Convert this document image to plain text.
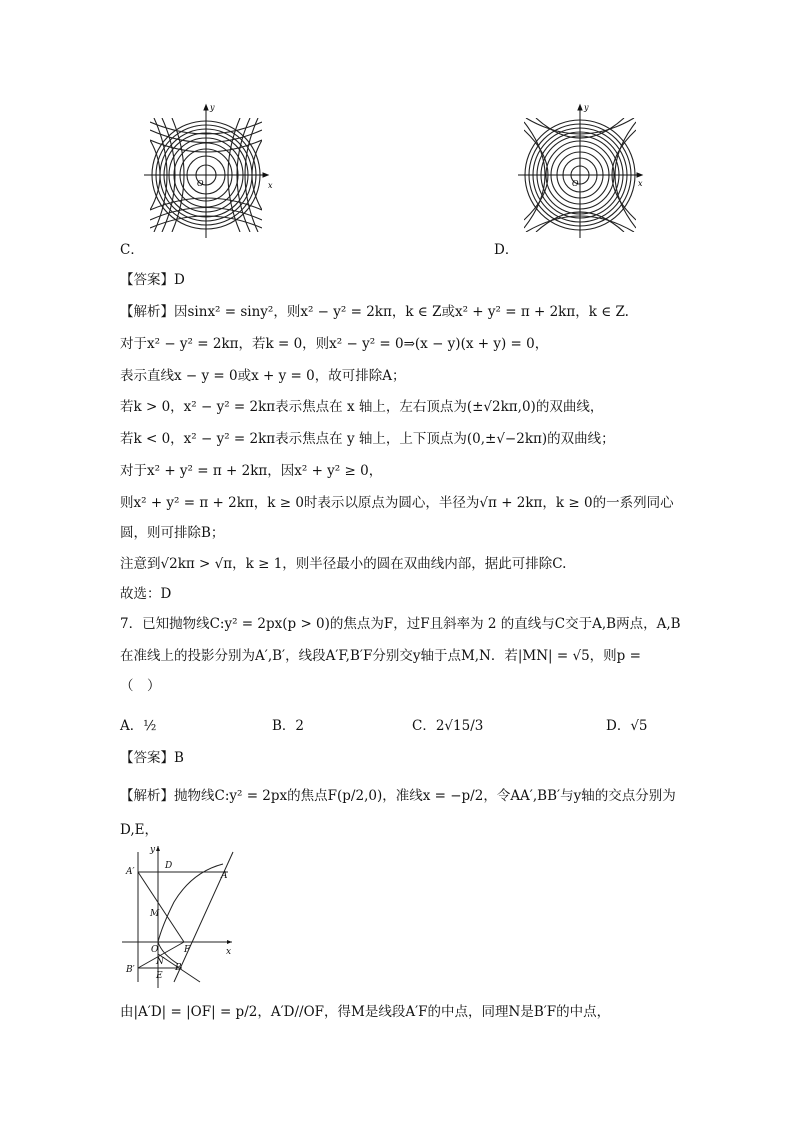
x
y
O
C．
x
y
O
D．
【答案】D
【解析】因sinx² = siny²，则x² − y² = 2kπ，k ∈ Z或x² + y² = π + 2kπ，k ∈ Z.
对于x² − y² = 2kπ，若k = 0，则x² − y² = 0⇒(x − y)(x + y) = 0，
表示直线x − y = 0或x + y = 0，故可排除A；
若k > 0，x² − y² = 2kπ表示焦点在 x 轴上，左右顶点为(±√2kπ,0)的双曲线，
若k < 0，x² − y² = 2kπ表示焦点在 y 轴上，上下顶点为(0,±√−2kπ)的双曲线；
对于x² + y² = π + 2kπ，因x² + y² ≥ 0，
则x² + y² = π + 2kπ，k ≥ 0时表示以原点为圆心，半径为√π + 2kπ，k ≥ 0的一系列同心
圆，则可排除B；
注意到√2kπ > √π，k ≥ 1，则半径最小的圆在双曲线内部，据此可排除C.
故选：D
7．已知抛物线C:y² = 2px(p > 0)的焦点为F，过F且斜率为 2 的直线与C交于A,B两点，A,B
在准线上的投影分别为A′,B′，线段A′F,B′F分别交y轴于点M,N．若|MN| = √5，则p =
（　）
A．½	B．2	C．2√15/3	D．√5
【答案】B
【解析】抛物线C:y² = 2px的焦点F(p/2,0)，准线x = −p/2，令AA′,BB′与y轴的交点分别为
D,E，
A′
D
A
M
O	F
N
B′
E
B
x
y
由|A′D| = |OF| = p/2，A′D//OF，得M是线段A′F的中点，同理N是B′F的中点，
